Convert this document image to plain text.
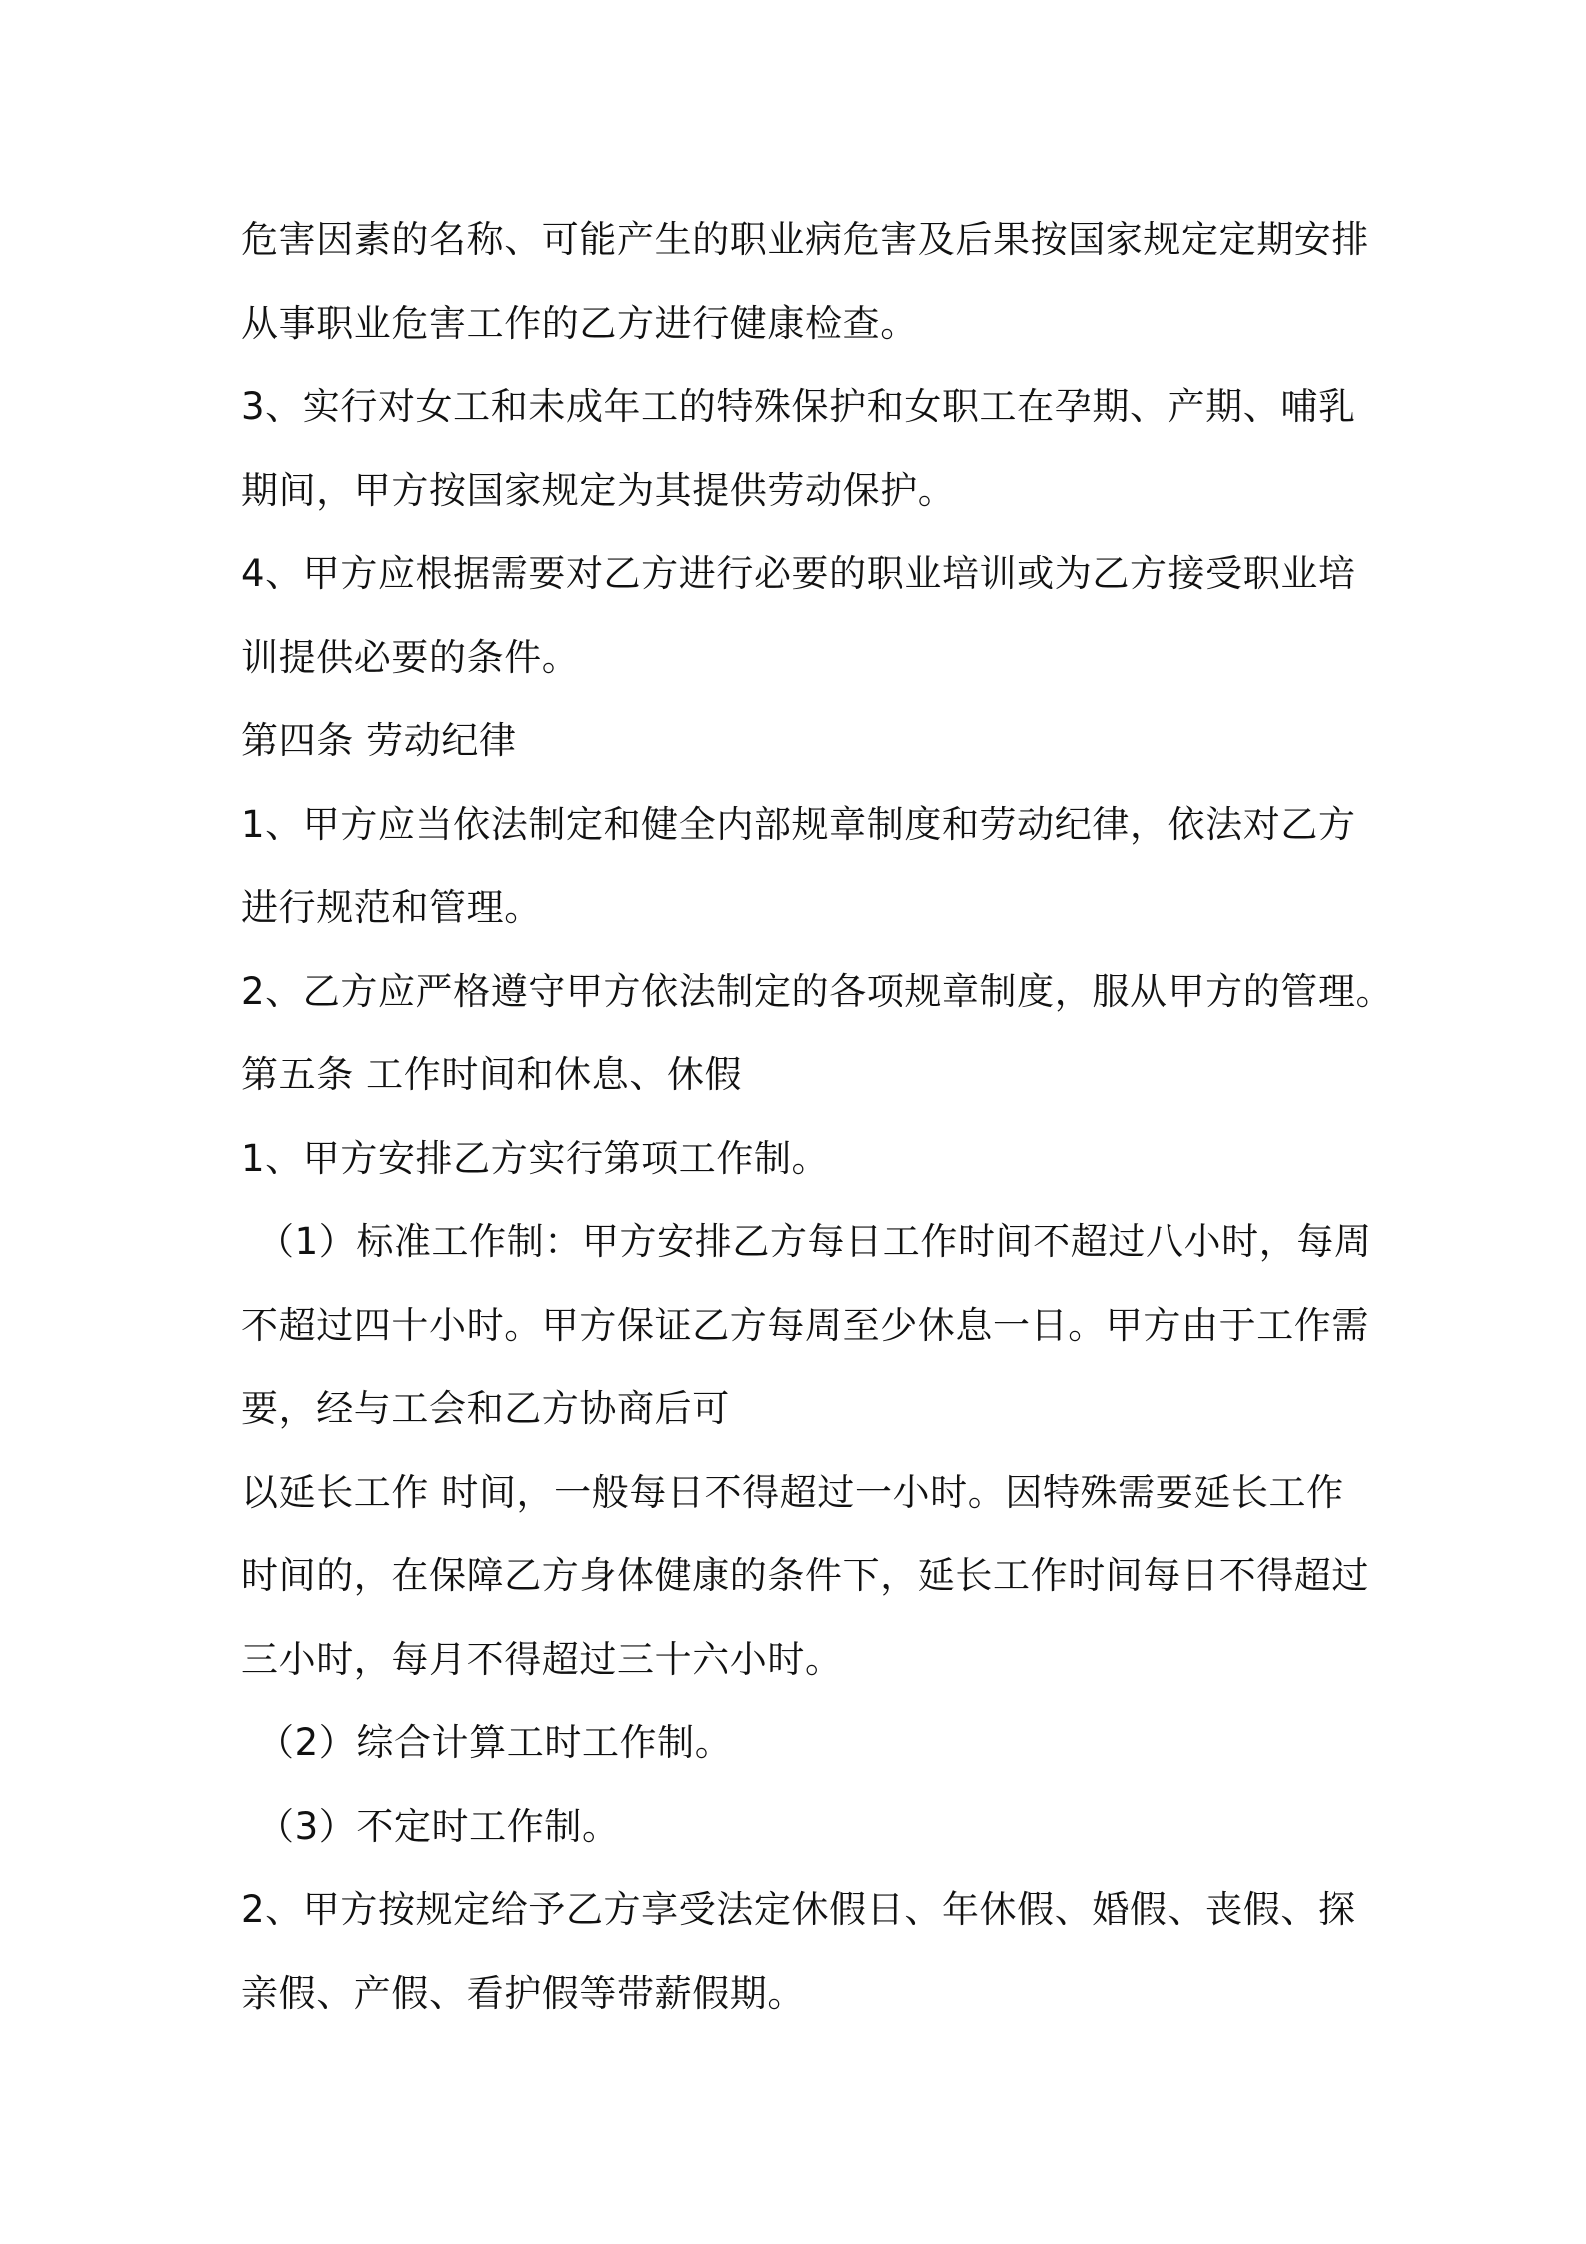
危害因素的名称、可能产生的职业病危害及后果按国家规定定期安排
从事职业危害工作的乙方进行健康检查。
3、实行对女工和未成年工的特殊保护和女职工在孕期、产期、哺乳
期间，甲方按国家规定为其提供劳动保护。
4、甲方应根据需要对乙方进行必要的职业培训或为乙方接受职业培
训提供必要的条件。
第四条 劳动纪律
1、甲方应当依法制定和健全内部规章制度和劳动纪律，依法对乙方
进行规范和管理。
2、乙方应严格遵守甲方依法制定的各项规章制度，服从甲方的管理。
第五条 工作时间和休息、休假
1、甲方安排乙方实行第项工作制。
（1）标准工作制：甲方安排乙方每日工作时间不超过八小时，每周
不超过四十小时。甲方保证乙方每周至少休息一日。甲方由于工作需
要，经与工会和乙方协商后可
以延长工作 时间，一般每日不得超过一小时。因特殊需要延长工作
时间的，在保障乙方身体健康的条件下，延长工作时间每日不得超过
三小时，每月不得超过三十六小时。
（2）综合计算工时工作制。
（3）不定时工作制。
2、甲方按规定给予乙方享受法定休假日、年休假、婚假、丧假、探
亲假、产假、看护假等带薪假期。
